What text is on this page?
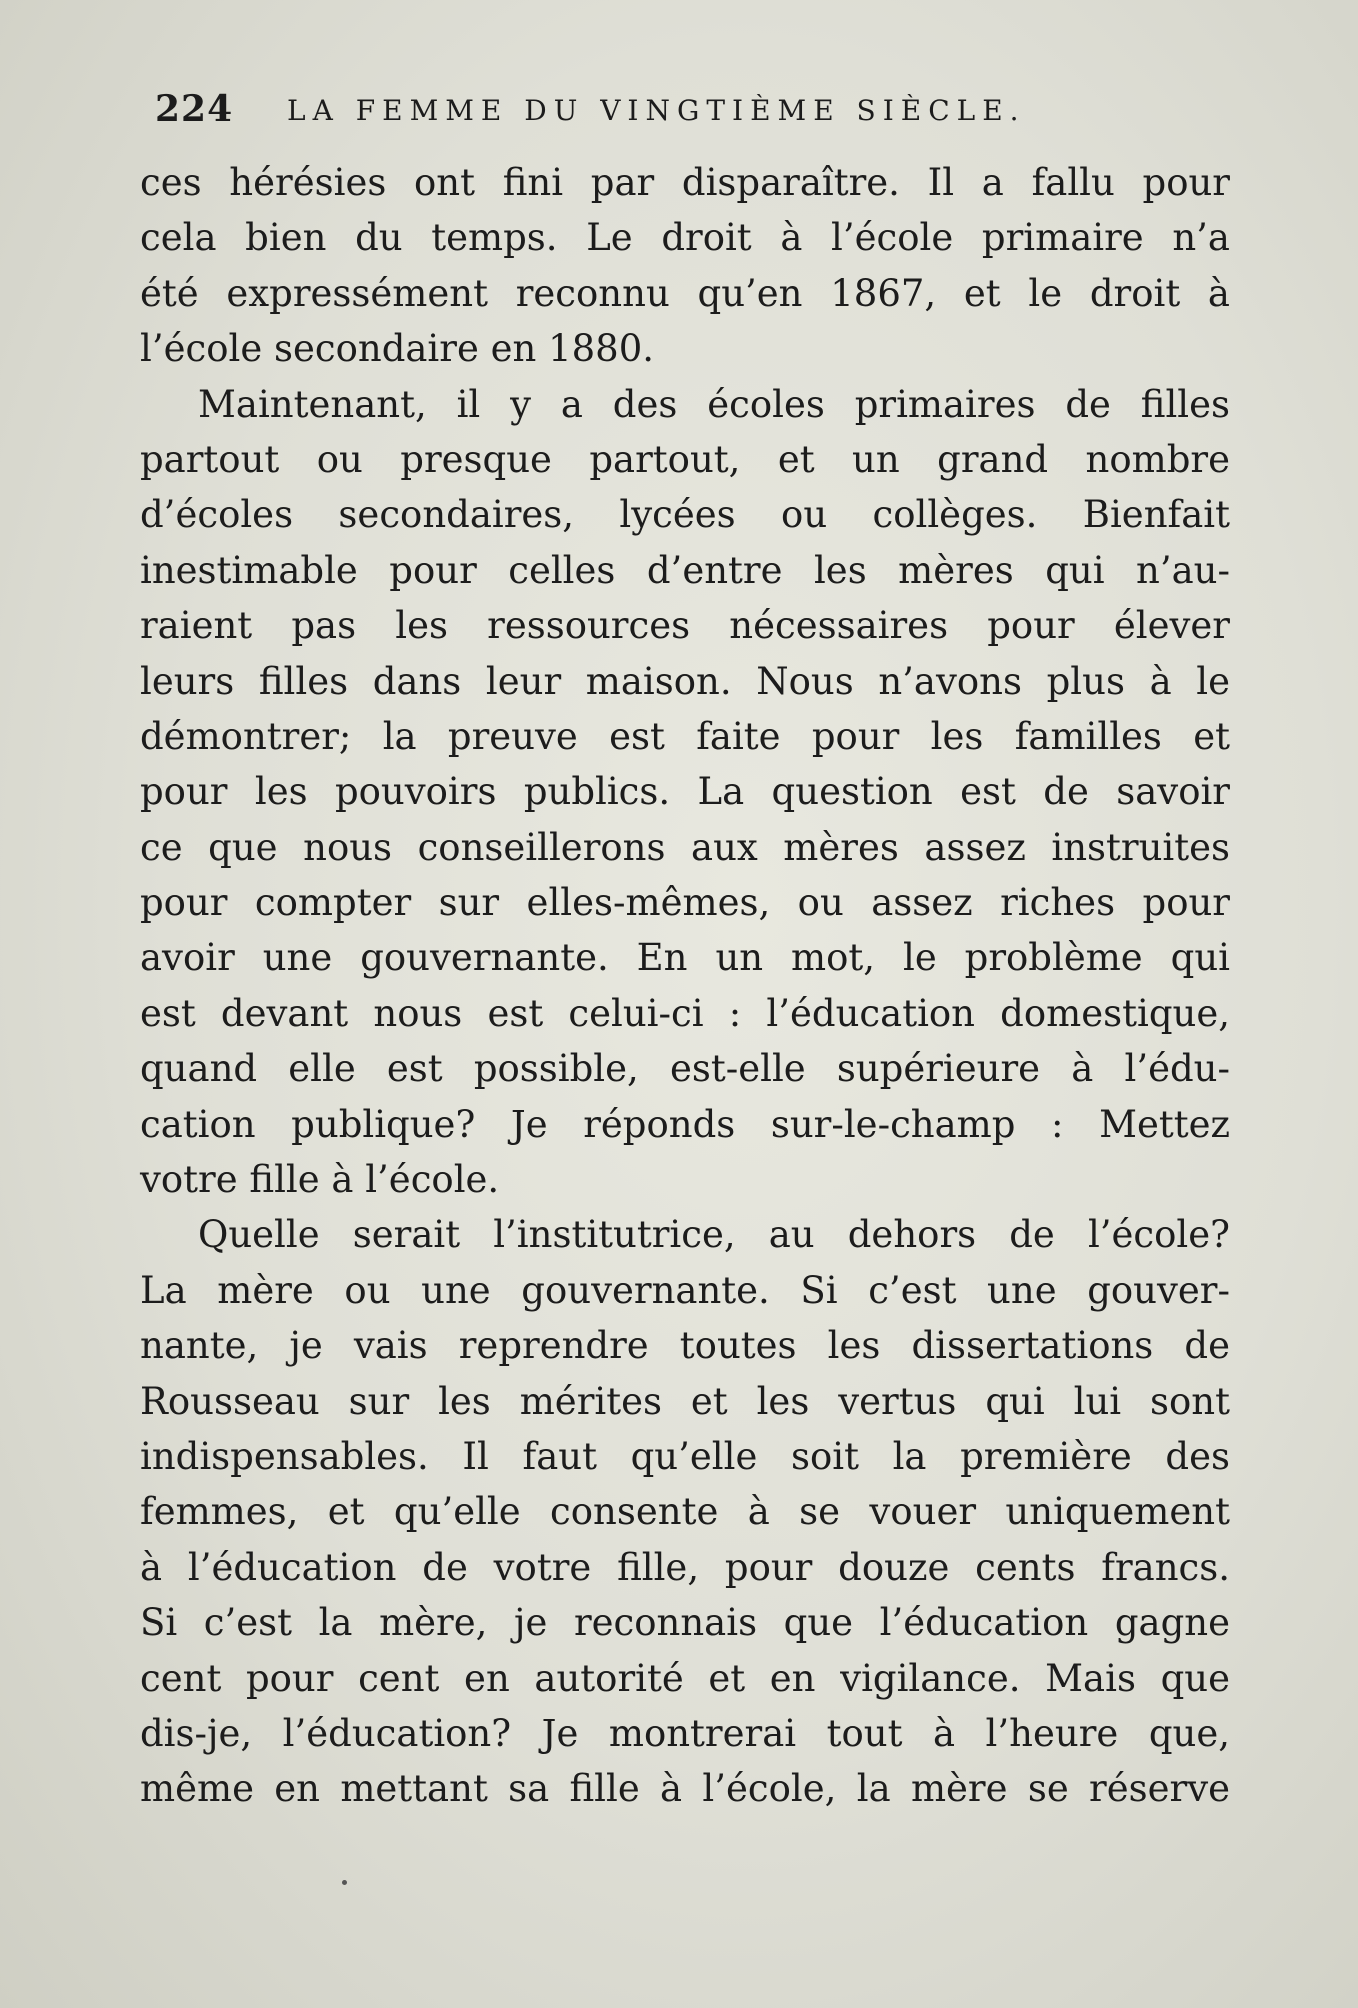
224 LA FEMME DU VINGTIÈME SIÈCLE.
ces hérésies ont fini par disparaître. Il a fallu pour
cela bien du temps. Le droit à l’école primaire n’a
été expressément reconnu qu’en 1867, et le droit à
l’école secondaire en 1880.
Maintenant, il y a des écoles primaires de filles
partout ou presque partout, et un grand nombre
d’écoles secondaires, lycées ou collèges. Bienfait
inestimable pour celles d’entre les mères qui n’au-
raient pas les ressources nécessaires pour élever
leurs filles dans leur maison. Nous n’avons plus à le
démontrer; la preuve est faite pour les familles et
pour les pouvoirs publics. La question est de savoir
ce que nous conseillerons aux mères assez instruites
pour compter sur elles-mêmes, ou assez riches pour
avoir une gouvernante. En un mot, le problème qui
est devant nous est celui-ci : l’éducation domestique,
quand elle est possible, est-elle supérieure à l’édu-
cation publique? Je réponds sur-le-champ : Mettez
votre fille à l’école.
Quelle serait l’institutrice, au dehors de l’école?
La mère ou une gouvernante. Si c’est une gouver-
nante, je vais reprendre toutes les dissertations de
Rousseau sur les mérites et les vertus qui lui sont
indispensables. Il faut qu’elle soit la première des
femmes, et qu’elle consente à se vouer uniquement
à l’éducation de votre fille, pour douze cents francs.
Si c’est la mère, je reconnais que l’éducation gagne
cent pour cent en autorité et en vigilance. Mais que
dis-je, l’éducation? Je montrerai tout à l’heure que,
même en mettant sa fille à l’école, la mère se réserve
